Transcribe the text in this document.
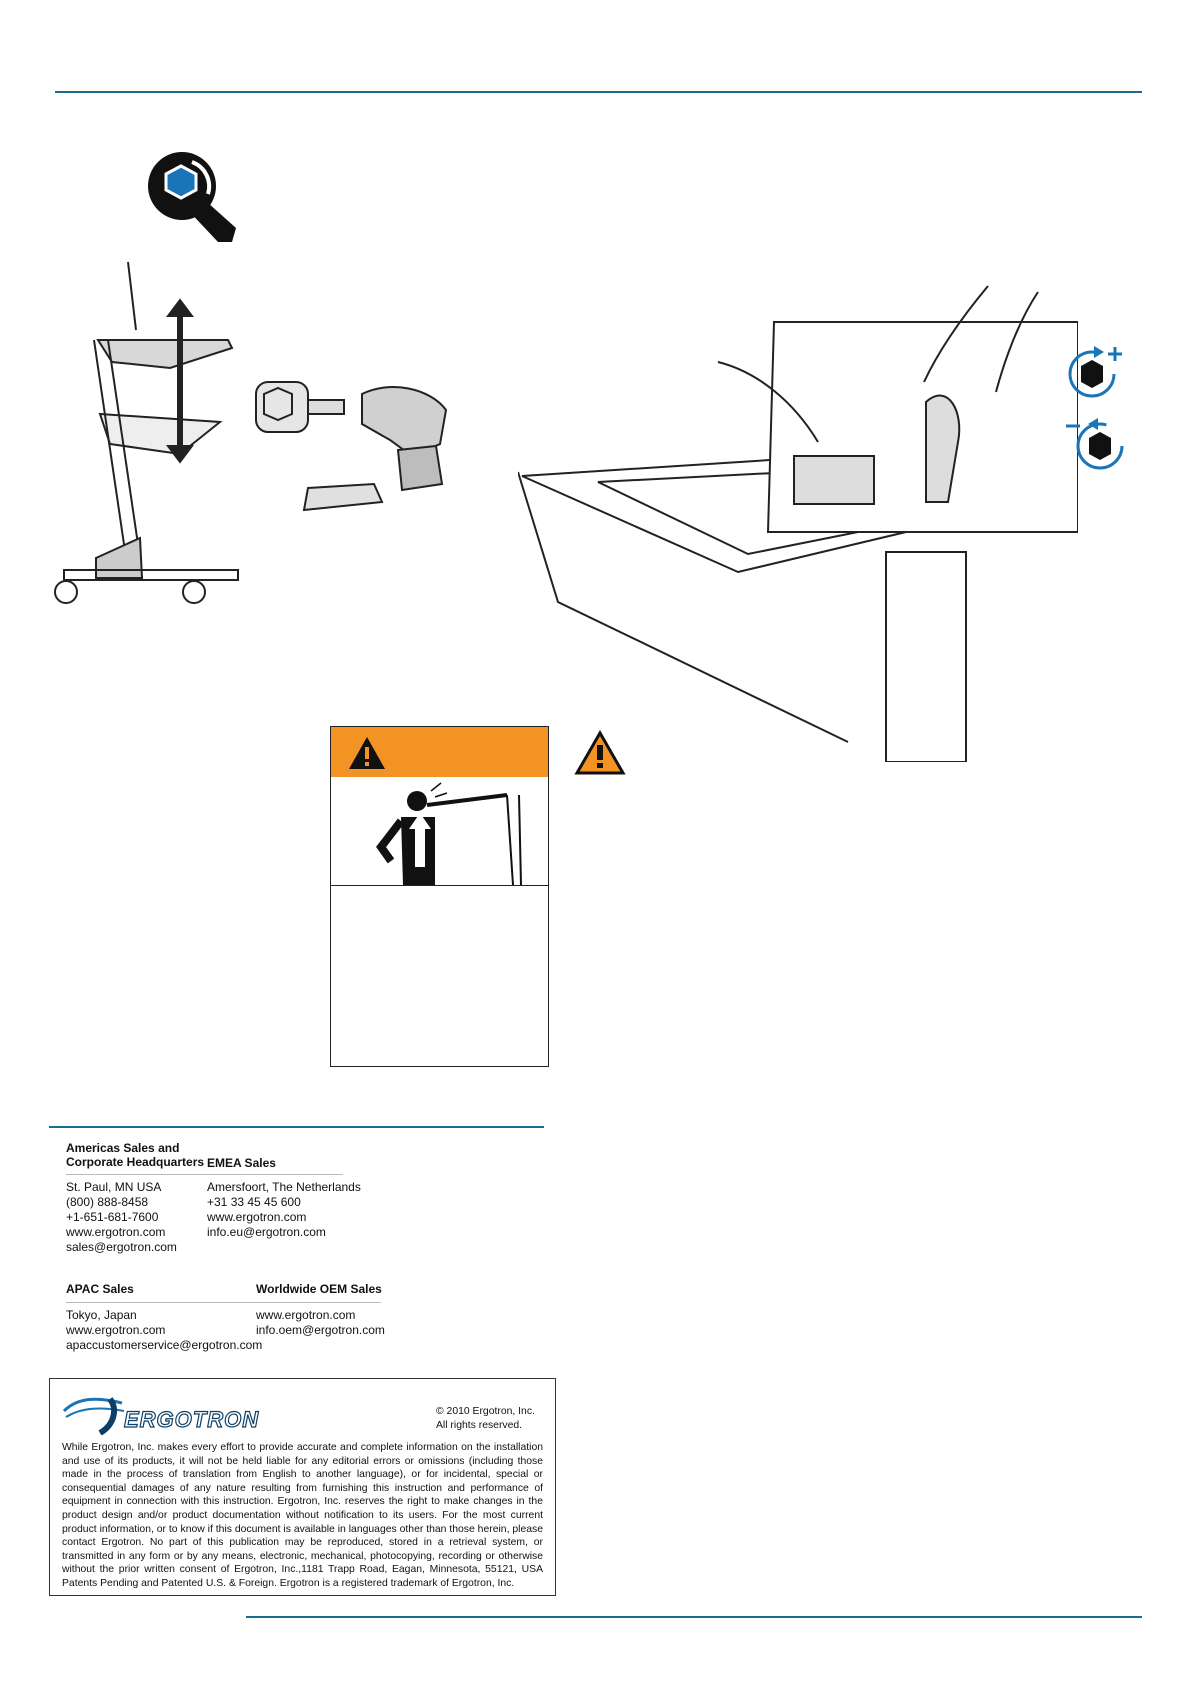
Americas Sales and
Corporate Headquarters EMEA Sales
St. Paul, MN USA
(800) 888-8458
+1-651-681-7600
www.ergotron.com
sales@ergotron.com
Amersfoort, The Netherlands
+31 33 45 45 600
www.ergotron.com
info.eu@ergotron.com
APAC Sales	Worldwide OEM Sales
Tokyo, Japan
www.ergotron.com
apaccustomerservice@ergotron.com
www.ergotron.com
info.oem@ergotron.com
ERGOTRON	© 2010 Ergotron, Inc.
All rights reserved.
While Ergotron, Inc. makes every effort to provide accurate and complete information on the installation and use of its products, it will not be held liable for any editorial errors or omissions (including those made in the process of translation from English to another language), or for incidental, special or consequential damages of any nature resulting from furnishing this instruction and performance of equipment in connection with this instruction. Ergotron, Inc. reserves the right to make changes in the product design and/or product documentation without notification to its users. For the most current product information, or to know if this document is available in languages other than those herein, please contact Ergotron. No part of this publication may be reproduced, stored in a retrieval system, or transmitted in any form or by any means, electronic, mechanical, photocopying, recording or otherwise without the prior written consent of Ergotron, Inc.,1181 Trapp Road, Eagan, Minnesota, 55121, USA Patents Pending and Patented U.S. & Foreign. Ergotron is a registered trademark of Ergotron, Inc.
